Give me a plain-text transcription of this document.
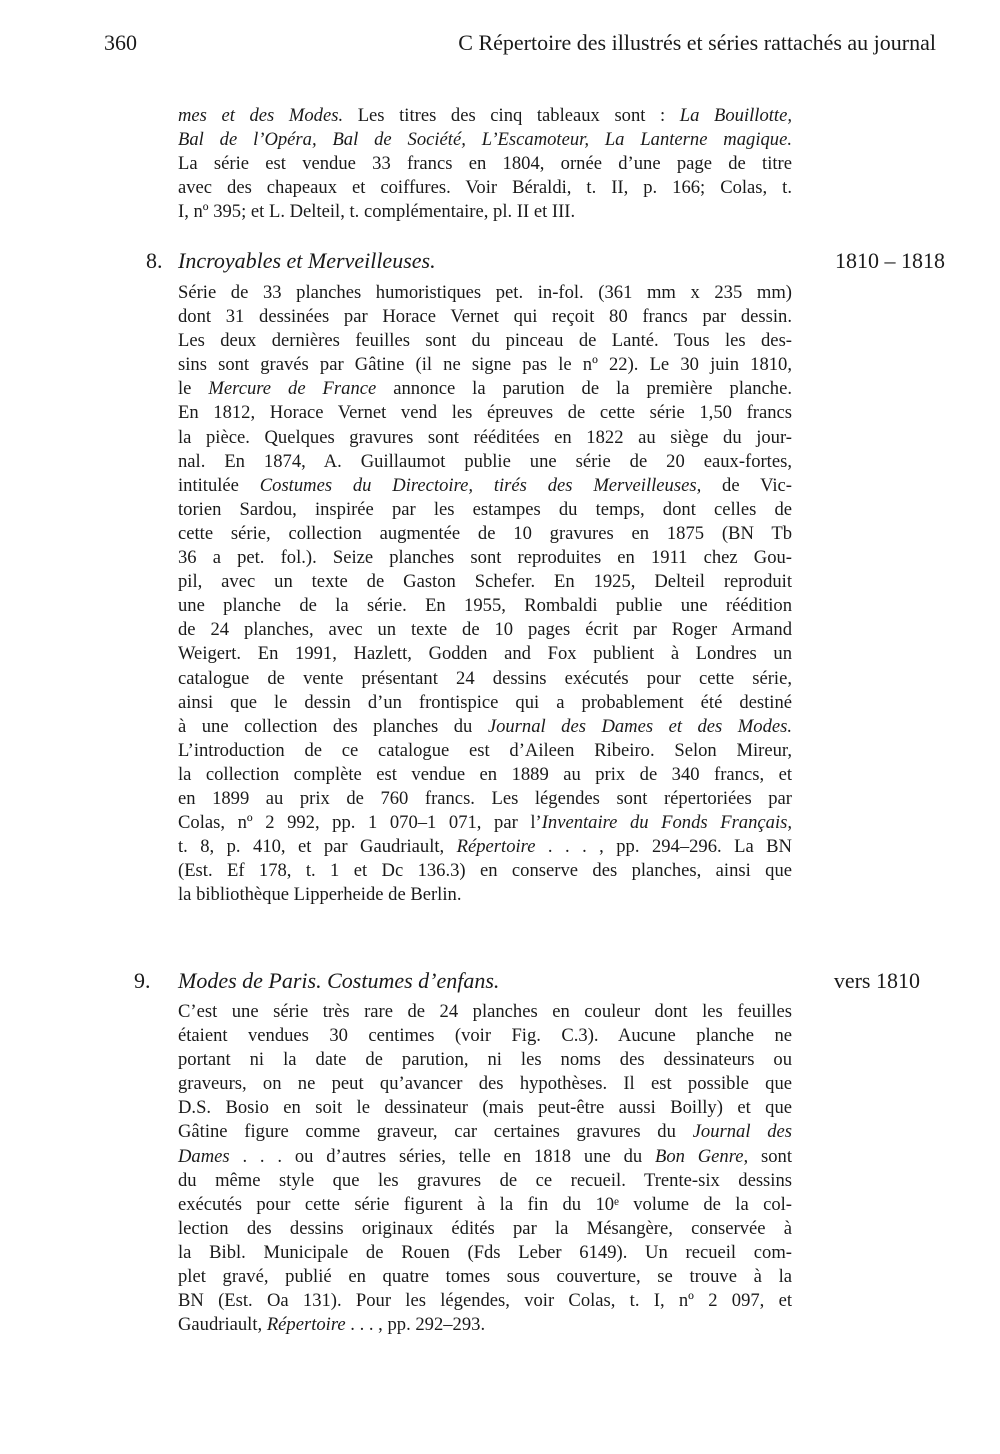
360	C Répertoire des illustrés et séries rattachés au journal
mes et des Modes. Les titres des cinq tableaux sont : La Bouillotte,
Bal de l’Opéra, Bal de Société, L’Escamoteur, La Lanterne magique.
La série est vendue 33 francs en 1804, ornée d’une page de titre
avec des chapeaux et coiffures. Voir Béraldi, t. II, p. 166; Colas, t.
I, nº 395; et L. Delteil, t. complémentaire, pl. II et III.
8. Incroyables et Merveilleuses.	1810 – 1818
Série de 33 planches humoristiques pet. in-fol. (361 mm x 235 mm)
dont 31 dessinées par Horace Vernet qui reçoit 80 francs par dessin.
Les deux dernières feuilles sont du pinceau de Lanté. Tous les des-
sins sont gravés par Gâtine (il ne signe pas le nº 22). Le 30 juin 1810,
le Mercure de France annonce la parution de la première planche.
En 1812, Horace Vernet vend les épreuves de cette série 1,50 francs
la pièce. Quelques gravures sont rééditées en 1822 au siège du jour-
nal. En 1874, A. Guillaumot publie une série de 20 eaux-fortes,
intitulée Costumes du Directoire, tirés des Merveilleuses, de Vic-
torien Sardou, inspirée par les estampes du temps, dont celles de
cette série, collection augmentée de 10 gravures en 1875 (BN Tb
36 a pet. fol.). Seize planches sont reproduites en 1911 chez Gou-
pil, avec un texte de Gaston Schefer. En 1925, Delteil reproduit
une planche de la série. En 1955, Rombaldi publie une réédition
de 24 planches, avec un texte de 10 pages écrit par Roger Armand
Weigert. En 1991, Hazlett, Godden and Fox publient à Londres un
catalogue de vente présentant 24 dessins exécutés pour cette série,
ainsi que le dessin d’un frontispice qui a probablement été destiné
à une collection des planches du Journal des Dames et des Modes.
L’introduction de ce catalogue est d’Aileen Ribeiro. Selon Mireur,
la collection complète est vendue en 1889 au prix de 340 francs, et
en 1899 au prix de 760 francs. Les légendes sont répertoriées par
Colas, nº 2 992, pp. 1 070–1 071, par l’Inventaire du Fonds Français,
t. 8, p. 410, et par Gaudriault, Répertoire . . . , pp. 294–296. La BN
(Est. Ef 178, t. 1 et Dc 136.3) en conserve des planches, ainsi que
la bibliothèque Lipperheide de Berlin.
9. Modes de Paris. Costumes d’enfans.	vers 1810
C’est une série très rare de 24 planches en couleur dont les feuilles
étaient vendues 30 centimes (voir Fig. C.3). Aucune planche ne
portant ni la date de parution, ni les noms des dessinateurs ou
graveurs, on ne peut qu’avancer des hypothèses. Il est possible que
D.S. Bosio en soit le dessinateur (mais peut-être aussi Boilly) et que
Gâtine figure comme graveur, car certaines gravures du Journal des
Dames . . . ou d’autres séries, telle en 1818 une du Bon Genre, sont
du même style que les gravures de ce recueil. Trente-six dessins
exécutés pour cette série figurent à la fin du 10ᵉ volume de la col-
lection des dessins originaux édités par la Mésangère, conservée à
la Bibl. Municipale de Rouen (Fds Leber 6149). Un recueil com-
plet gravé, publié en quatre tomes sous couverture, se trouve à la
BN (Est. Oa 131). Pour les légendes, voir Colas, t. I, nº 2 097, et
Gaudriault, Répertoire . . . , pp. 292–293.
